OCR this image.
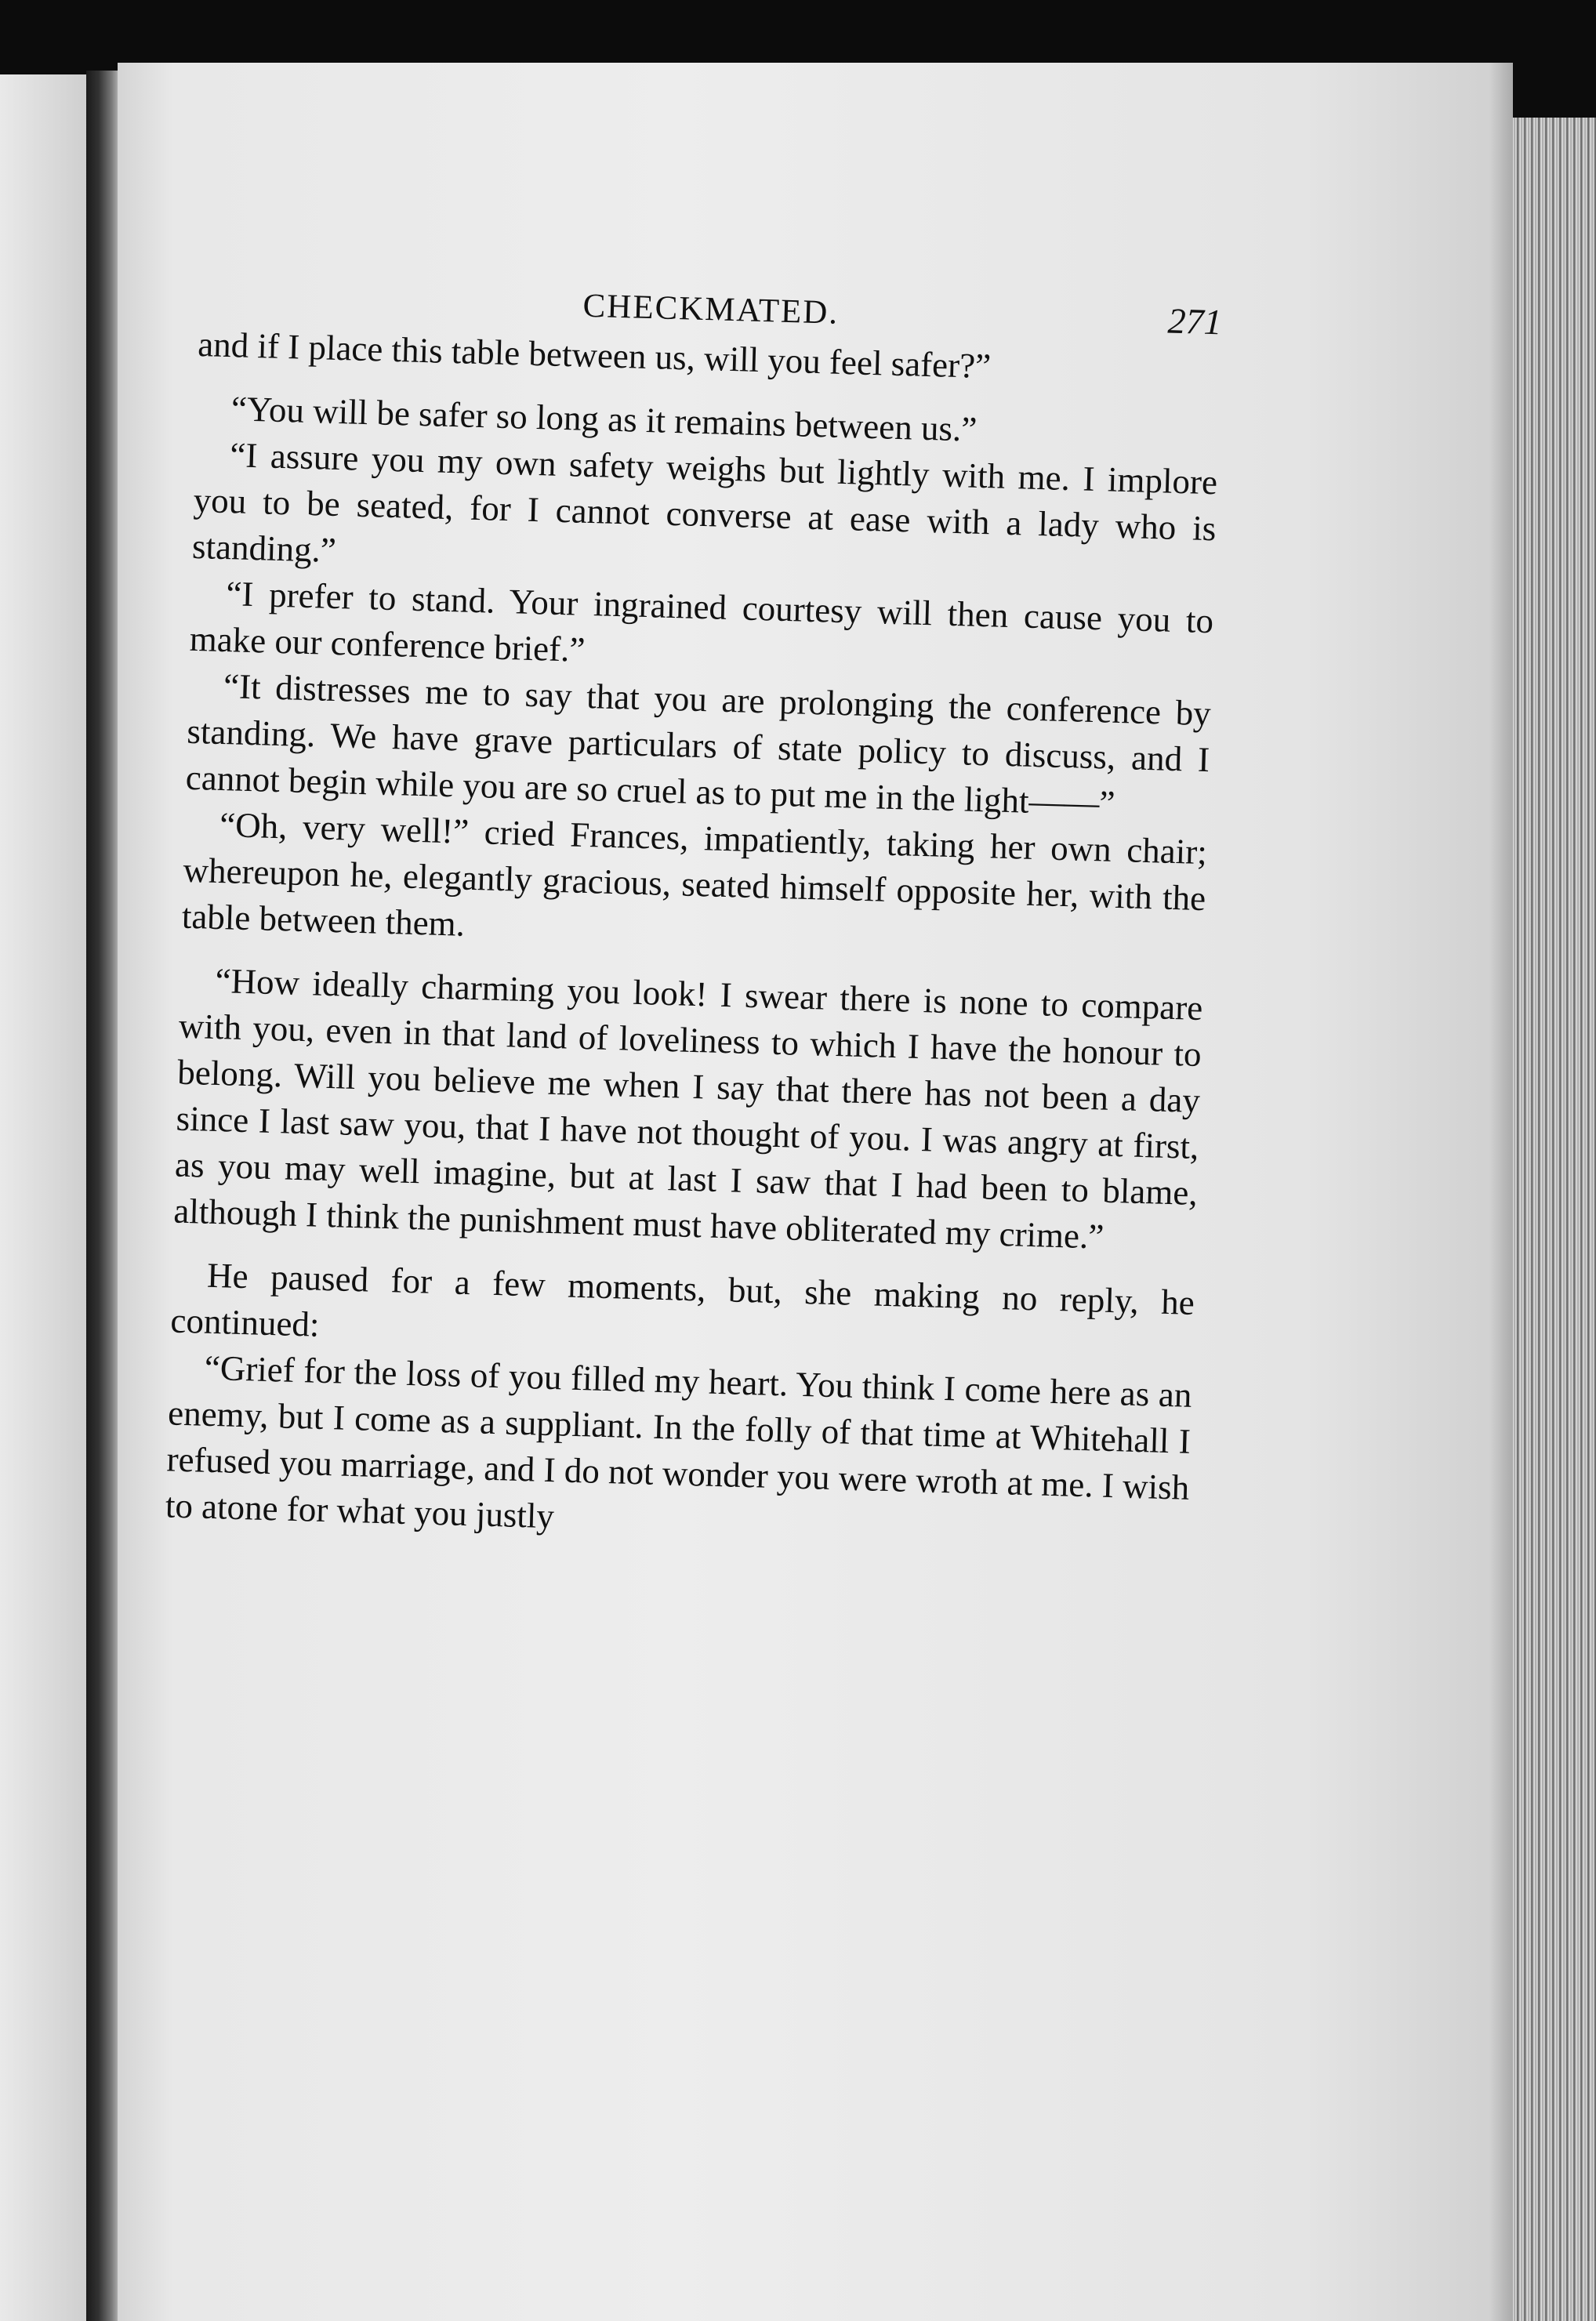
CHECKMATED.	271

and if I place this table between us, will you feel safer?”

“You will be safer so long as it remains between us.”

“I assure you my own safety weighs but lightly with me. I implore you to be seated, for I cannot converse at ease with a lady who is standing.”

“I prefer to stand. Your ingrained courtesy will then cause you to make our conference brief.”

“It distresses me to say that you are prolonging the conference by standing. We have grave particulars of state policy to discuss, and I cannot begin while you are so cruel as to put me in the light——”

“Oh, very well!” cried Frances, impatiently, taking her own chair; whereupon he, elegantly gracious, seated himself opposite her, with the table between them.

“How ideally charming you look! I swear there is none to compare with you, even in that land of loveliness to which I have the honour to belong. Will you believe me when I say that there has not been a day since I last saw you, that I have not thought of you. I was angry at first, as you may well imagine, but at last I saw that I had been to blame, although I think the punishment must have obliterated my crime.”

He paused for a few moments, but, she making no reply, he continued:

“Grief for the loss of you filled my heart. You think I come here as an enemy, but I come as a suppliant. In the folly of that time at Whitehall I refused you marriage, and I do not wonder you were wroth at me. I wish to atone for what you justly
